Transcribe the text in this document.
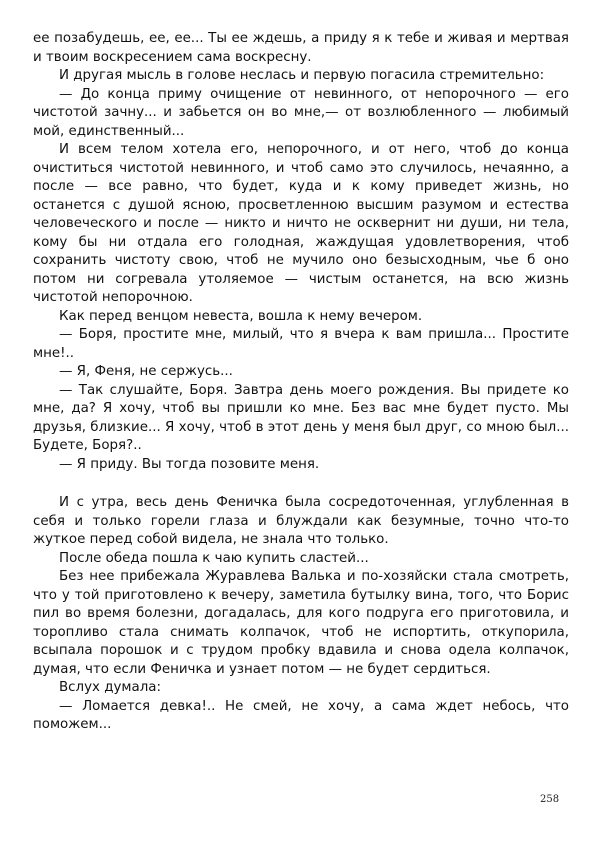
ее позабудешь, ее, ее... Ты ее ждешь, а приду я к тебе и живая и мертвая и твоим воскресением сама воскресну.

И другая мысль в голове неслась и первую погасила стремительно:

— До конца приму очищение от невинного, от непорочного — его чистотой зачну... и забьется он во мне,— от возлюбленного — любимый мой, единственный...

И всем телом хотела его, непорочного, и от него, чтоб до конца очиститься чистотой невинного, и чтоб само это случилось, нечаянно, а после — все равно, что будет, куда и к кому приведет жизнь, но останется с душой ясною, просветленною высшим разумом и естества человеческого и после — никто и ничто не осквернит ни души, ни тела, кому бы ни отдала его голодная, жаждущая удовлетворения, чтоб сохранить чистоту свою, чтоб не мучило оно безысходным, чье б оно потом ни согревала утоляемое — чистым останется, на всю жизнь чистотой непорочною.

Как перед венцом невеста, вошла к нему вечером.

— Боря, простите мне, милый, что я вчера к вам пришла... Простите мне!..

— Я, Феня, не сержусь...

— Так слушайте, Боря. Завтра день моего рождения. Вы придете ко мне, да? Я хочу, чтоб вы пришли ко мне. Без вас мне будет пусто. Мы друзья, близкие... Я хочу, чтоб в этот день у меня был друг, со мною был... Будете, Боря?..

— Я приду. Вы тогда позовите меня.

И с утра, весь день Феничка была сосредоточенная, углубленная в себя и только горели глаза и блуждали как безумные, точно что-то жуткое перед собой видела, не знала что только.

После обеда пошла к чаю купить сластей...

Без нее прибежала Журавлева Валька и по-хозяйски стала смотреть, что у той приготовлено к вечеру, заметила бутылку вина, того, что Борис пил во время болезни, догадалась, для кого подруга его приготовила, и торопливо стала снимать колпачок, чтоб не испортить, откупорила, всыпала порошок и с трудом пробку вдавила и снова одела колпачок, думая, что если Феничка и узнает потом — не будет сердиться.

Вслух думала:

— Ломается девка!.. Не смей, не хочу, а сама ждет небось, что поможем...

258
